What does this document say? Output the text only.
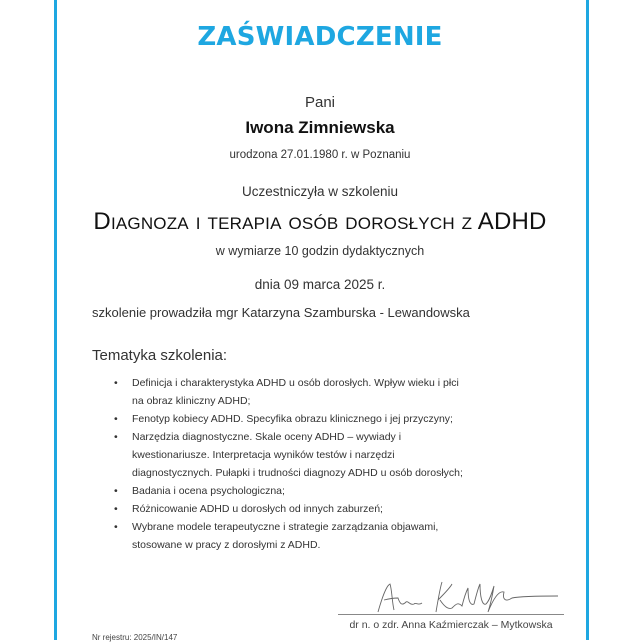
ZAŚWIADCZENIE
Pani
Iwona Zimniewska
urodzona 27.01.1980 r. w Poznaniu
Uczestniczyła w szkoleniu
Diagnoza i terapia osób dorosłych z ADHD
w wymiarze 10 godzin dydaktycznych
dnia 09 marca 2025 r.
szkolenie prowadziła mgr Katarzyna Szamburska - Lewandowska
Tematyka szkolenia:
• Definicja i charakterystyka ADHD u osób dorosłych. Wpływ wieku i płci na obraz kliniczny ADHD;
• Fenotyp kobiecy ADHD. Specyfika obrazu klinicznego i jej przyczyny;
• Narzędzia diagnostyczne. Skale oceny ADHD – wywiady i kwestionariusze. Interpretacja wyników testów i narzędzi diagnostycznych. Pułapki i trudności diagnozy ADHD u osób dorosłych;
• Badania i ocena psychologiczna;
• Różnicowanie ADHD u dorosłych od innych zaburzeń;
• Wybrane modele terapeutyczne i strategie zarządzania objawami, stosowane w pracy z dorosłymi z ADHD.
dr n. o zdr. Anna Kaźmierczak – Mytkowska
Nr rejestru: 2025/IN/147
